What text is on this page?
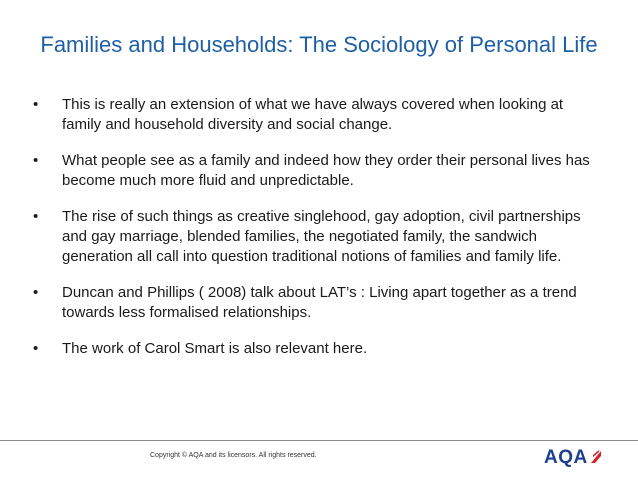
Families and Households: The Sociology of Personal Life
• This is really an extension of what we have always covered when looking at family and household diversity and social change.
• What people see as a family and indeed how they order their personal lives has become much more fluid and unpredictable.
• The rise of such things as creative singlehood, gay adoption, civil partnerships and gay marriage, blended families, the negotiated family, the sandwich generation all call into question traditional notions of families and family life.
• Duncan and Phillips ( 2008) talk about LAT’s : Living apart together as a trend towards less formalised relationships.
• The work of Carol Smart is also relevant here.
Copyright © AQA and its licensors. All rights reserved.	AQA
